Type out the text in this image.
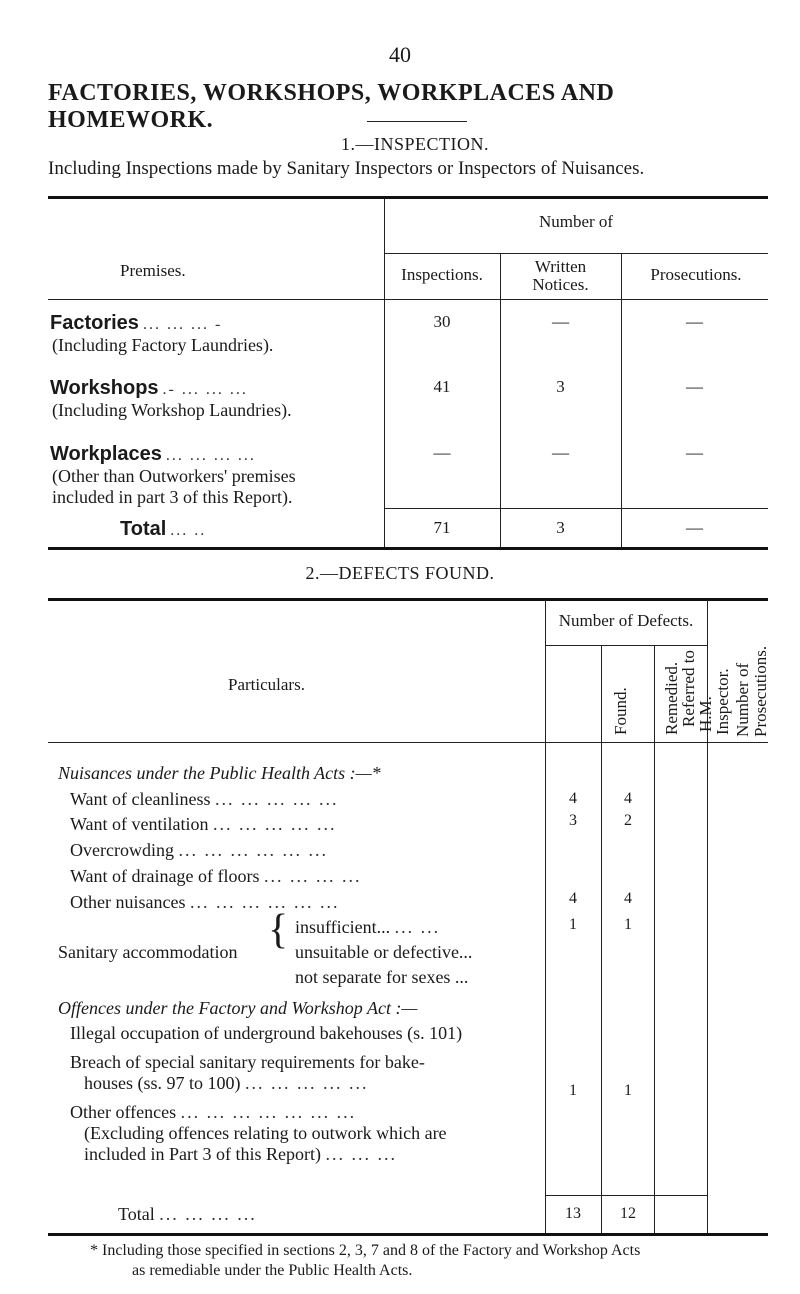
40
FACTORIES, WORKSHOPS, WORKPLACES AND HOMEWORK.
1.—INSPECTION.
Including Inspections made by Sanitary Inspectors or Inspectors of Nuisances.
Premises.
Number of
Inspections.	Written
Notices.
Prosecutions.
Factories ... ... ... -
(Including Factory Laundries).
30	—	—
Workshops .- ... ... ...
(Including Workshop Laundries).
41	3	—
Workplaces ... ... ... ...
(Other than Outworkers' premises
included in part 3 of this Report).
—	—	—
Total ... ..	71	3	—
2.—DEFECTS FOUND.
Particulars.
Number of Defects.
Found. Remedied.
Referred to
H.M.
Inspector. Number of Prosecutions.
Nuisances under the Public Health Acts :—*
Want of cleanliness ... ... ... ... ...	4	4
Want of ventilation ... ... ... ... ...	3	2
Overcrowding ... ... ... ... ... ...
Want of drainage of floors ... ... ... ...
Other nuisances ... ... ... ... ... ...	4	4
Sanitary accommodation { insufficient... ... ...	1	1
unsuitable or defective...
not separate for sexes ...
Offences under the Factory and Workshop Act :—
Illegal occupation of underground bakehouses (s. 101)
Breach of special sanitary requirements for bake-
houses (ss. 97 to 100) ... ... ... ... ...	1	1
Other offences ... ... ... ... ... ... ...
(Excluding offences relating to outwork which are
included in Part 3 of this Report) ... ... ...
Total ... ... ... ...	13	12
* Including those specified in sections 2, 3, 7 and 8 of the Factory and Workshop Acts
as remediable under the Public Health Acts.
